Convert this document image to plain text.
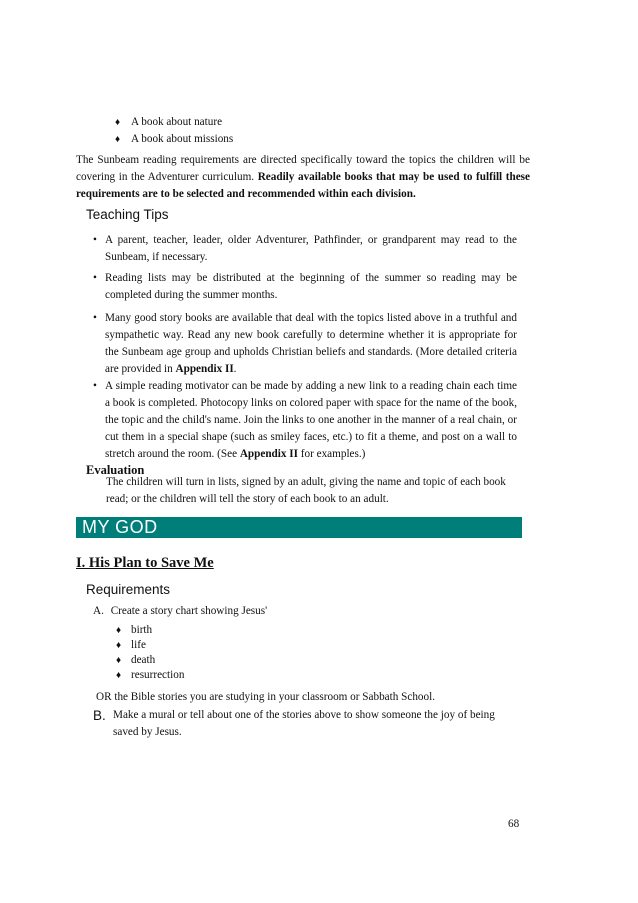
♦ A book about nature
♦ A book about missions
The Sunbeam reading requirements are directed specifically toward the topics the children will be covering in the Adventurer curriculum. Readily available books that may be used to fulfill these requirements are to be selected and recommended within each division.
Teaching Tips
• A parent, teacher, leader, older Adventurer, Pathfinder, or grandparent may read to the Sunbeam, if necessary.

• Reading lists may be distributed at the beginning of the summer so reading may be completed during the summer months.

• Many good story books are available that deal with the topics listed above in a truthful and sympathetic way. Read any new book carefully to determine whether it is appropriate for the Sunbeam age group and upholds Christian beliefs and standards. (More detailed criteria are provided in Appendix II.

• A simple reading motivator can be made by adding a new link to a reading chain each time a book is completed. Photocopy links on colored paper with space for the name of the book, the topic and the child's name. Join the links to one another in the manner of a real chain, or cut them in a special shape (such as smiley faces, etc.) to fit a theme, and post on a wall to stretch around the room. (See Appendix II for examples.)

Evaluation
The children will turn in lists, signed by an adult, giving the name and topic of each book read; or the children will tell the story of each book to an adult.
MY GOD
I. His Plan to Save Me
Requirements
A. Create a story chart showing Jesus'
♦ birth
♦ life
♦ death
♦ resurrection
OR the Bible stories you are studying in your classroom or Sabbath School.
B. Make a mural or tell about one of the stories above to show someone the joy of being saved by Jesus.
68
